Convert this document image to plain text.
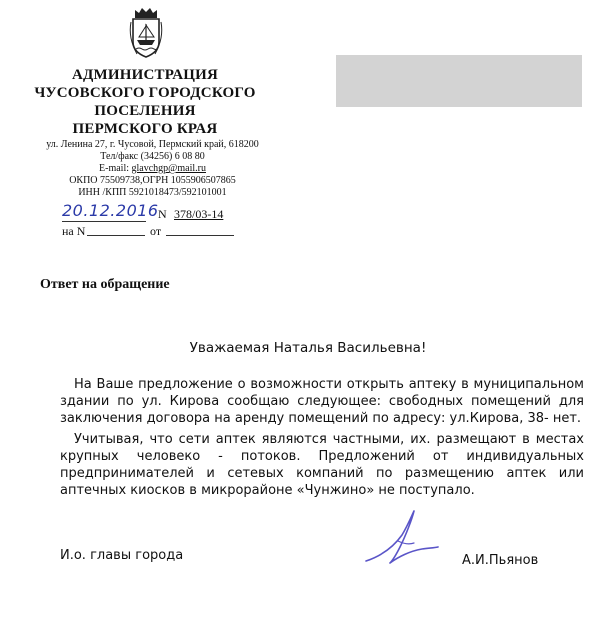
АДМИНИСТРАЦИЯ
ЧУСОВСКОГО ГОРОДСКОГО
ПОСЕЛЕНИЯ
ПЕРМСКОГО КРАЯ
ул. Ленина 27, г. Чусовой, Пермский край, 618200
Тел/факс (34256) 6 08 80
E-mail: glavchgp@mail.ru
ОКПО 75509738,ОГРН 1055906507865
ИНН /КПП 5921018473/592101001
20.12.2016 N 378/03-14
на N	от
Ответ на обращение
Уважаемая Наталья Васильевна!

На Ваше предложение о возможности открыть аптеку в муниципальном здании по ул. Кирова сообщаю следующее: свободных помещений для заключения договора на аренду помещений по адресу: ул.Кирова, 38- нет.

Учитывая, что сети аптек являются частными, их. размещают в местах крупных человеко - потоков. Предложений от индивидуальных предпринимателей и сетевых компаний по размещению аптек или аптечных киосков в микрорайоне «Чунжино» не поступало.

И.о. главы города	А.И.Пьянов
